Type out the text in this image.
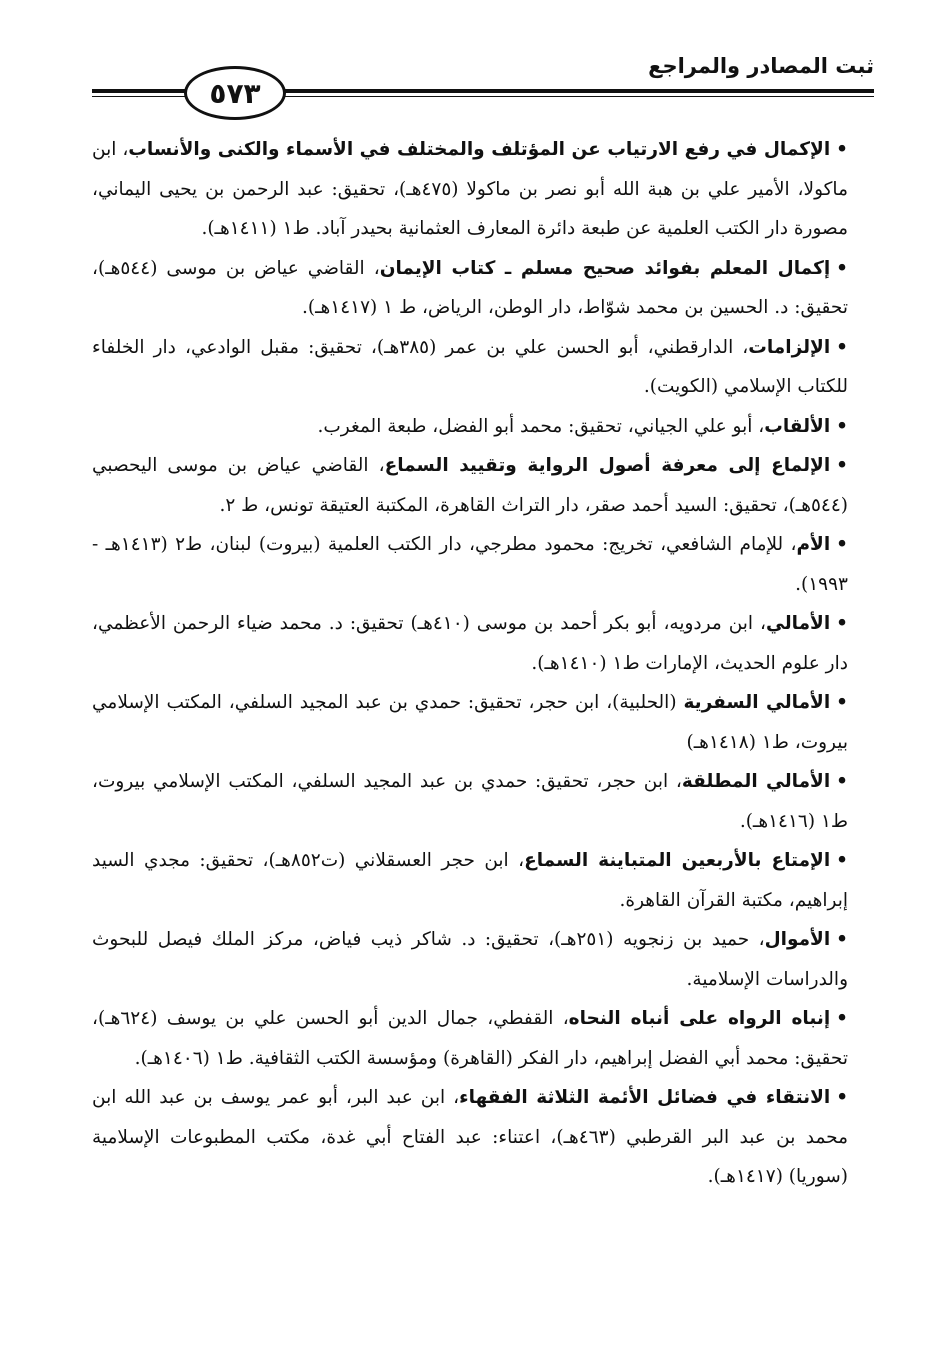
٥٧٣
ثبت المصادر والمراجع

•الإكمال في رفع الارتياب عن المؤتلف والمختلف في الأسماء والكنى والأنساب، ابن ماكولا، الأمير علي بن هبة الله أبو نصر بن ماكولا (٤٧٥هـ)، تحقيق: عبد الرحمن بن يحيى اليماني، مصورة دار الكتب العلمية عن طبعة دائرة المعارف العثمانية بحيدر آباد. ط١ (١٤١١هـ).

•إكمال المعلم بفوائد صحيح مسلم ـ كتاب الإيمان، القاضي عياض بن موسى (٥٤٤هـ)، تحقيق: د. الحسين بن محمد شوّاط، دار الوطن، الرياض، ط ١ (١٤١٧هـ).

•الإلزامات، الدارقطني، أبو الحسن علي بن عمر (٣٨٥هـ)، تحقيق: مقبل الوادعي، دار الخلفاء للكتاب الإسلامي (الكويت).

•الألقاب، أبو علي الجياني، تحقيق: محمد أبو الفضل، طبعة المغرب.

•الإلماع إلى معرفة أصول الرواية وتقييد السماع، القاضي عياض بن موسى اليحصبي (٥٤٤هـ)، تحقيق: السيد أحمد صقر، دار التراث القاهرة، المكتبة العتيقة تونس، ط ٢.

•الأم، للإمام الشافعي، تخريج: محمود مطرجي، دار الكتب العلمية (بيروت) لبنان، ط٢ (١٤١٣هـ - ١٩٩٣).

•الأمالي، ابن مردويه، أبو بكر أحمد بن موسى (٤١٠هـ) تحقيق: د. محمد ضياء الرحمن الأعظمي، دار علوم الحديث، الإمارات ط١ (١٤١٠هـ).

•الأمالي السفرية (الحلبية)، ابن حجر، تحقيق: حمدي بن عبد المجيد السلفي، المكتب الإسلامي بيروت، ط١ (١٤١٨هـ)

•الأمالي المطلقة، ابن حجر، تحقيق: حمدي بن عبد المجيد السلفي، المكتب الإسلامي بيروت، ط١ (١٤١٦هـ).

•الإمتاع بالأربعين المتباينة السماع، ابن حجر العسقلاني (ت٨٥٢هـ)، تحقيق: مجدي السيد إبراهيم، مكتبة القرآن القاهرة.

•الأموال، حميد بن زنجويه (٢٥١هـ)، تحقيق: د. شاكر ذيب فياض، مركز الملك فيصل للبحوث والدراسات الإسلامية.

•إنباه الرواه على أنباه النحاه، القفطي، جمال الدين أبو الحسن علي بن يوسف (٦٢٤هـ)، تحقيق: محمد أبي الفضل إبراهيم، دار الفكر (القاهرة) ومؤسسة الكتب الثقافية. ط١ (١٤٠٦هـ).

•الانتقاء في فضائل الأئمة الثلاثة الفقهاء، ابن عبد البر، أبو عمر يوسف بن عبد الله ابن محمد بن عبد البر القرطبي (٤٦٣هـ)، اعتناء: عبد الفتاح أبي غدة، مكتب المطبوعات الإسلامية (سوريا) (١٤١٧هـ).
